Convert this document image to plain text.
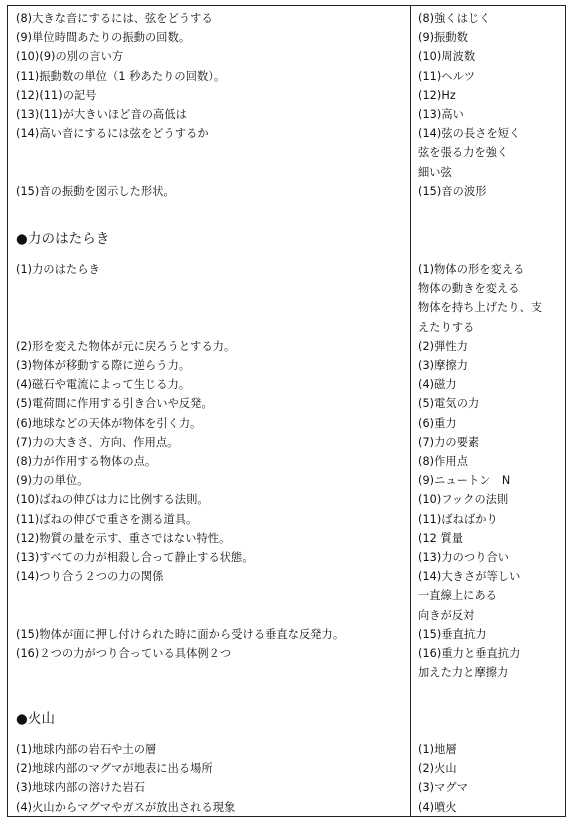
(8)大きな音にするには、弦をどうする	(8)強くはじく
(9)単位時間あたりの振動の回数。	(9)振動数
(10)(9)の別の言い方	(10)周波数
(11)振動数の単位（1 秒あたりの回数）。	(11)ヘルツ
(12)(11)の記号	(12)Hz
(13)(11)が大きいほど音の高低は	(13)高い
(14)高い音にするには弦をどうするか	(14)弦の長さを短く
弦を張る力を強く
細い弦
(15)音の振動を図示した形状。	(15)音の波形
●力のはたらき
(1)力のはたらき	(1)物体の形を変える
物体の動きを変える
物体を持ち上げたり、支
えたりする
(2)形を変えた物体が元に戻ろうとする力。	(2)弾性力
(3)物体が移動する際に逆らう力。	(3)摩擦力
(4)磁石や電流によって生じる力。	(4)磁力
(5)電荷間に作用する引き合いや反発。	(5)電気の力
(6)地球などの天体が物体を引く力。	(6)重力
(7)力の大きさ、方向、作用点。	(7)力の要素
(8)力が作用する物体の点。	(8)作用点
(9)力の単位。	(9)ニュートン　N
(10)ばねの伸びは力に比例する法則。	(10)フックの法則
(11)ばねの伸びで重さを測る道具。	(11)ばねばかり
(12)物質の量を示す、重さではない特性。	(12 質量
(13)すべての力が相殺し合って静止する状態。	(13)力のつり合い
(14)つり合う２つの力の関係	(14)大きさが等しい
一直線上にある
向きが反対
(15)物体が面に押し付けられた時に面から受ける垂直な反発力。	(15)垂直抗力
(16)２つの力がつり合っている具体例２つ	(16)重力と垂直抗力
加えた力と摩擦力
●火山
(1)地球内部の岩石や土の層	(1)地層
(2)地球内部のマグマが地表に出る場所	(2)火山
(3)地球内部の溶けた岩石	(3)マグマ
(4)火山からマグマやガスが放出される現象	(4)噴火
